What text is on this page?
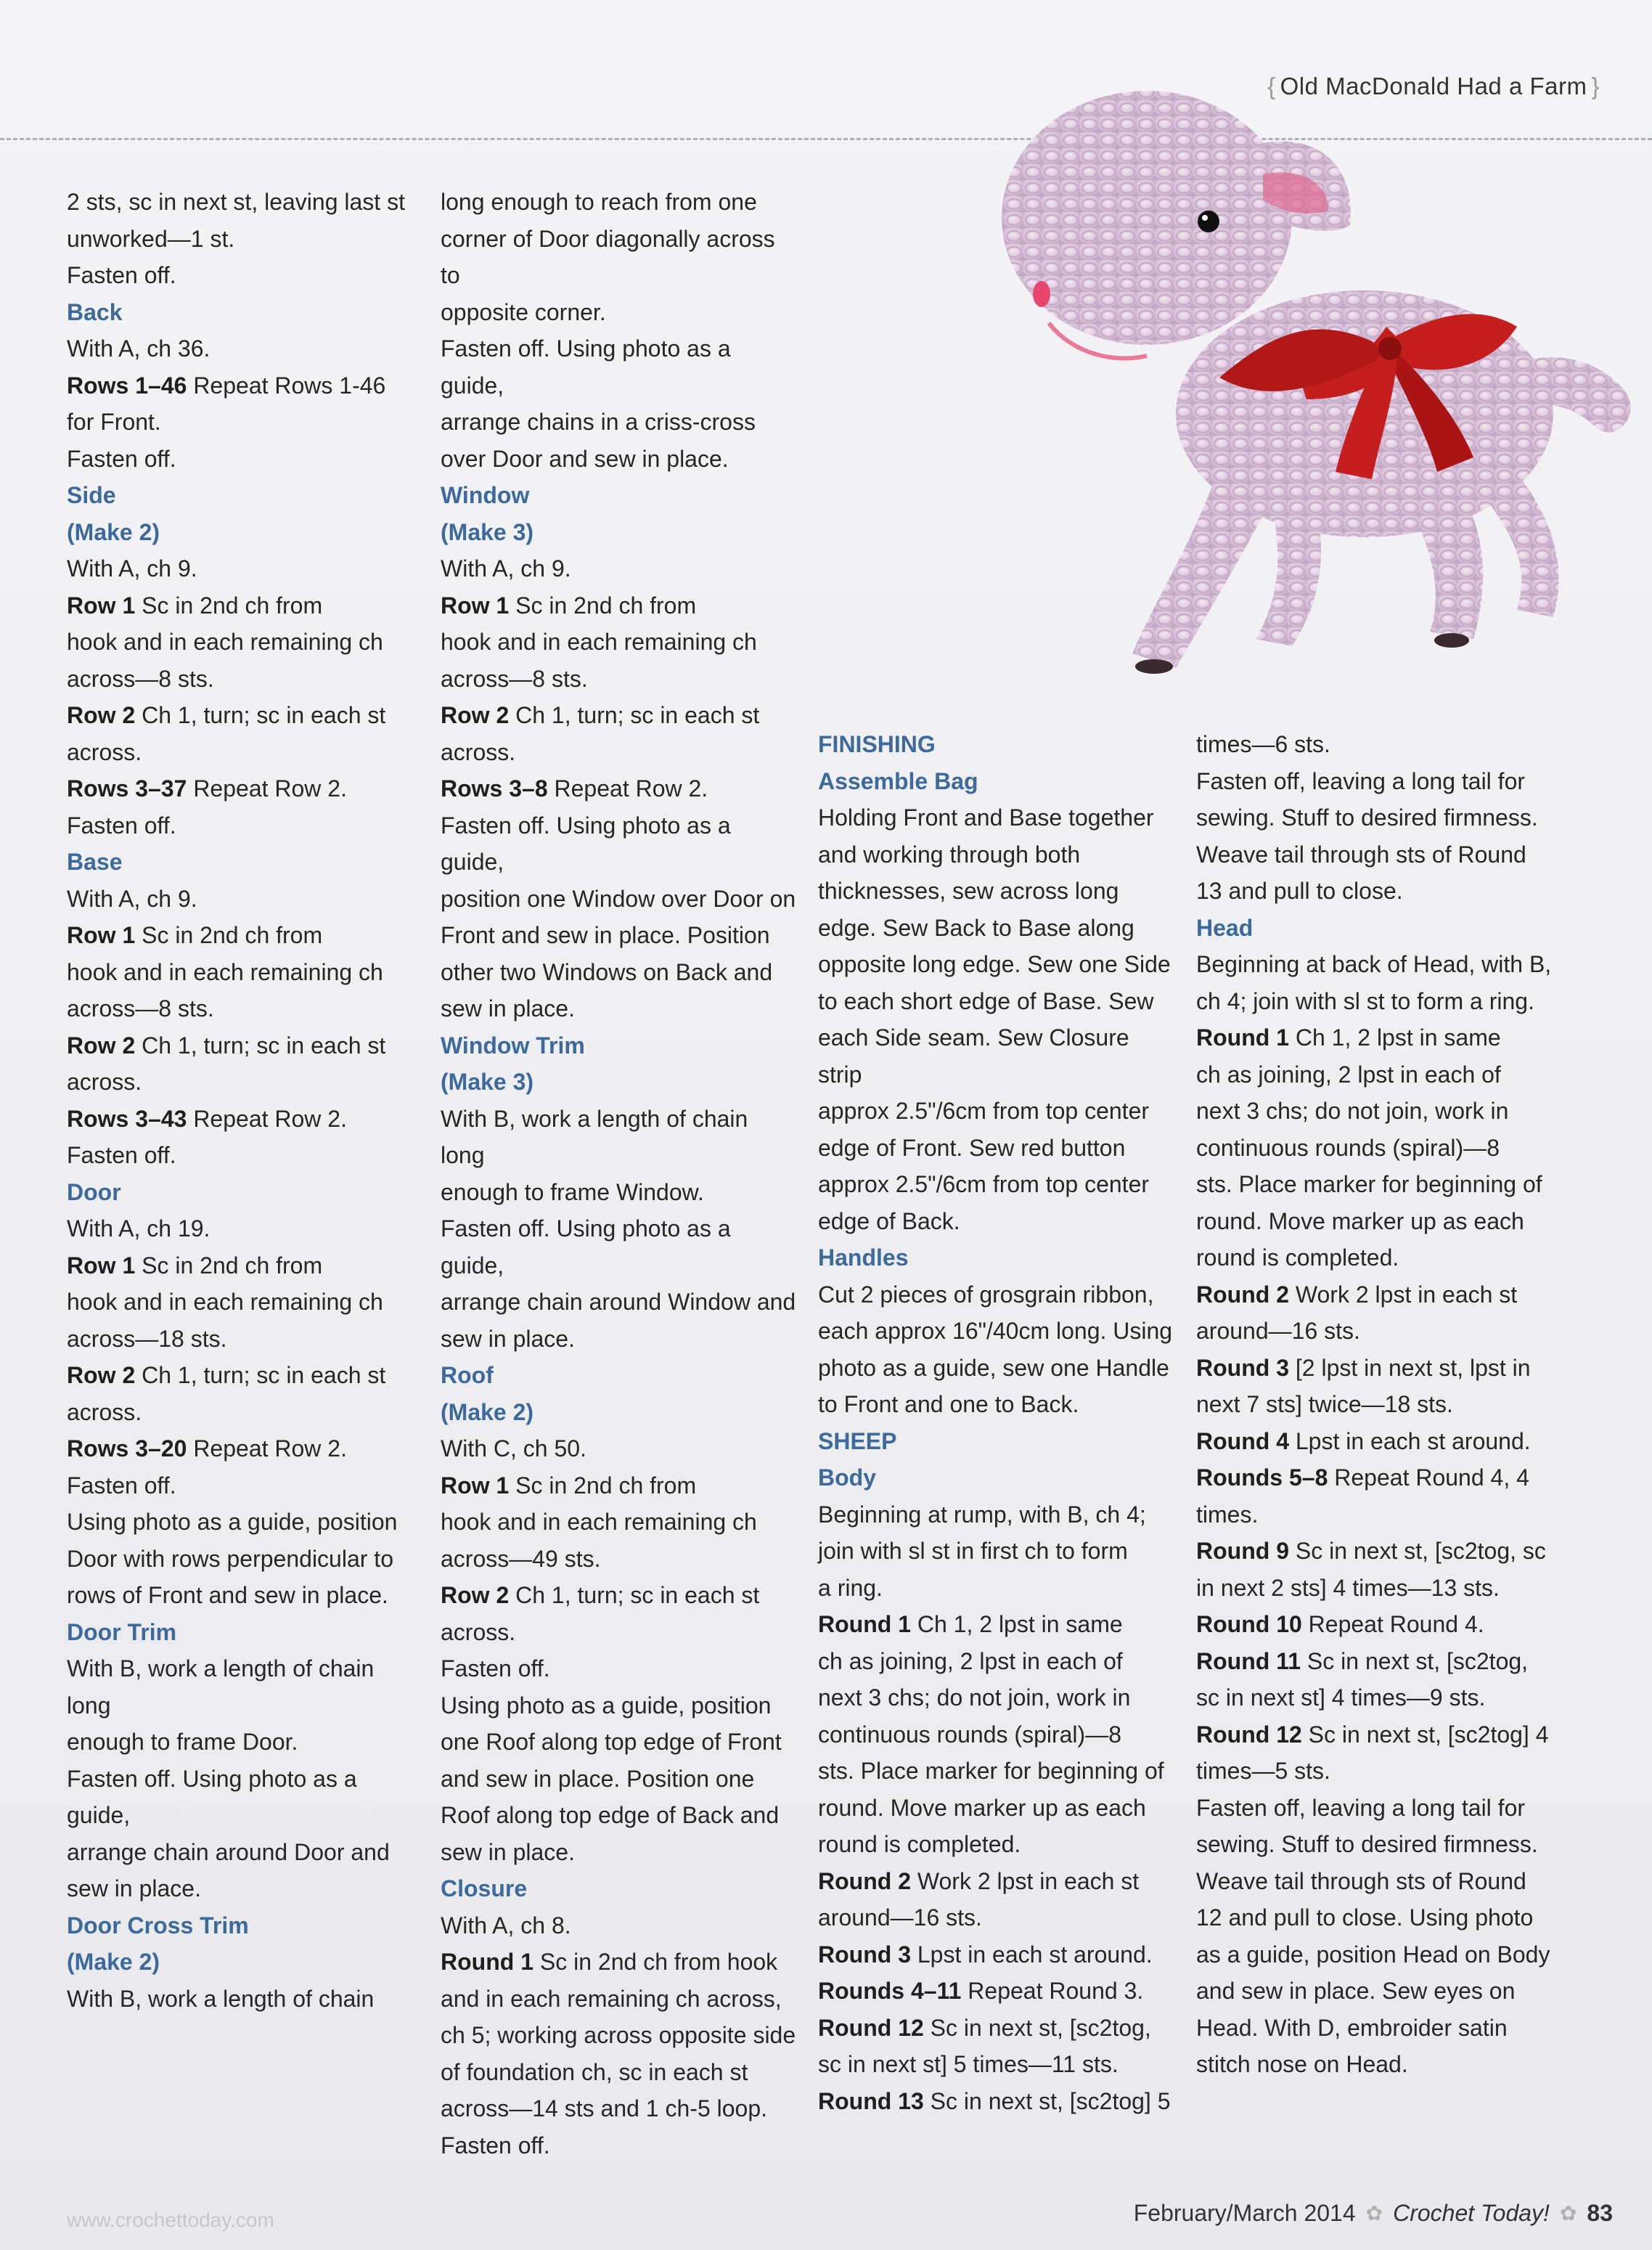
{ Old MacDonald Had a Farm }

2 sts, sc in next st, leaving last st

unworked—1 st.

Fasten off.

Back

With A, ch 36.

Rows 1–46 Repeat Rows 1-46

for Front.

Fasten off.

Side

(Make 2)

With A, ch 9.

Row 1 Sc in 2nd ch from

hook and in each remaining ch

across—8 sts.

Row 2 Ch 1, turn; sc in each st

across.

Rows 3–37 Repeat Row 2.

Fasten off.

Base

With A, ch 9.

Row 1 Sc in 2nd ch from

hook and in each remaining ch

across—8 sts.

Row 2 Ch 1, turn; sc in each st

across.

Rows 3–43 Repeat Row 2.

Fasten off.

Door

With A, ch 19.

Row 1 Sc in 2nd ch from

hook and in each remaining ch

across—18 sts.

Row 2 Ch 1, turn; sc in each st

across.

Rows 3–20 Repeat Row 2.

Fasten off.

Using photo as a guide, position

Door with rows perpendicular to

rows of Front and sew in place.

Door Trim

With B, work a length of chain long

enough to frame Door.

Fasten off. Using photo as a guide,

arrange chain around Door and

sew in place.

Door Cross Trim

(Make 2)

With B, work a length of chain

long enough to reach from one

corner of Door diagonally across to

opposite corner.

Fasten off. Using photo as a guide,

arrange chains in a criss-cross

over Door and sew in place.

Window

(Make 3)

With A, ch 9.

Row 1 Sc in 2nd ch from

hook and in each remaining ch

across—8 sts.

Row 2 Ch 1, turn; sc in each st

across.

Rows 3–8 Repeat Row 2.

Fasten off. Using photo as a guide,

position one Window over Door on

Front and sew in place. Position

other two Windows on Back and

sew in place.

Window Trim

(Make 3)

With B, work a length of chain long

enough to frame Window.

Fasten off. Using photo as a guide,

arrange chain around Window and

sew in place.

Roof

(Make 2)

With C, ch 50.

Row 1 Sc in 2nd ch from

hook and in each remaining ch

across—49 sts.

Row 2 Ch 1, turn; sc in each st

across.

Fasten off.

Using photo as a guide, position

one Roof along top edge of Front

and sew in place. Position one

Roof along top edge of Back and

sew in place.

Closure

With A, ch 8.

Round 1 Sc in 2nd ch from hook

and in each remaining ch across,

ch 5; working across opposite side

of foundation ch, sc in each st

across—14 sts and 1 ch-5 loop.

Fasten off.

FINISHING

Assemble Bag

Holding Front and Base together

and working through both

thicknesses, sew across long

edge. Sew Back to Base along

opposite long edge. Sew one Side

to each short edge of Base. Sew

each Side seam. Sew Closure strip

approx 2.5"/6cm from top center

edge of Front. Sew red button

approx 2.5"/6cm from top center

edge of Back.

Handles

Cut 2 pieces of grosgrain ribbon,

each approx 16"/40cm long. Using

photo as a guide, sew one Handle

to Front and one to Back.

SHEEP

Body

Beginning at rump, with B, ch 4;

join with sl st in first ch to form

a ring.

Round 1 Ch 1, 2 lpst in same

ch as joining, 2 lpst in each of

next 3 chs; do not join, work in

continuous rounds (spiral)—8

sts. Place marker for beginning of

round. Move marker up as each

round is completed.

Round 2 Work 2 lpst in each st

around—16 sts.

Round 3 Lpst in each st around.

Rounds 4–11 Repeat Round 3.

Round 12 Sc in next st, [sc2tog,

sc in next st] 5 times—11 sts.

Round 13 Sc in next st, [sc2tog] 5

times—6 sts.

Fasten off, leaving a long tail for

sewing. Stuff to desired firmness.

Weave tail through sts of Round

13 and pull to close.

Head

Beginning at back of Head, with B,

ch 4; join with sl st to form a ring.

Round 1 Ch 1, 2 lpst in same

ch as joining, 2 lpst in each of

next 3 chs; do not join, work in

continuous rounds (spiral)—8

sts. Place marker for beginning of

round. Move marker up as each

round is completed.

Round 2 Work 2 lpst in each st

around—16 sts.

Round 3 [2 lpst in next st, lpst in

next 7 sts] twice—18 sts.

Round 4 Lpst in each st around.

Rounds 5–8 Repeat Round 4, 4

times.

Round 9 Sc in next st, [sc2tog, sc

in next 2 sts] 4 times—13 sts.

Round 10 Repeat Round 4.

Round 11 Sc in next st, [sc2tog,

sc in next st] 4 times—9 sts.

Round 12 Sc in next st, [sc2tog] 4

times—5 sts.

Fasten off, leaving a long tail for

sewing. Stuff to desired firmness.

Weave tail through sts of Round

12 and pull to close. Using photo

as a guide, position Head on Body

and sew in place. Sew eyes on

Head. With D, embroider satin

stitch nose on Head.

www.crochettoday.com	February/March 2014 ✿ Crochet Today! ✿ 83
